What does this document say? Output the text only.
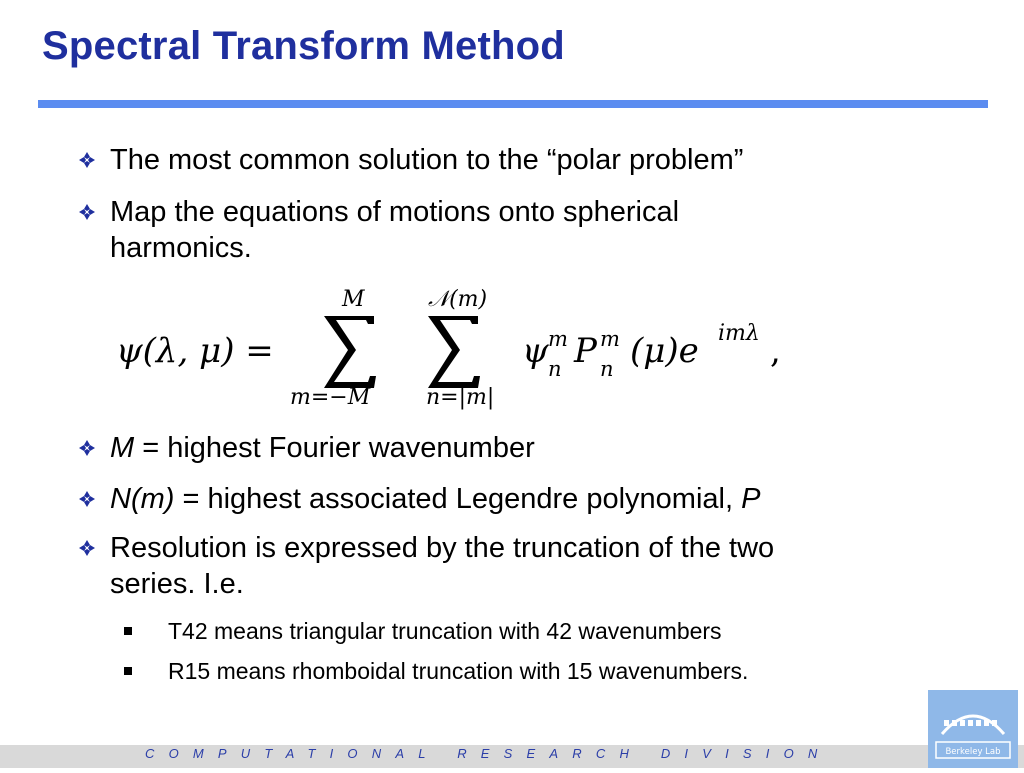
Spectral Transform Method
The most common solution to the “polar problem”
Map the equations of motions onto spherical
harmonics.
ψ(λ, μ) =
M
m=−M
𝒩(m)
n=|m|
ψ m
n P m
n (μ)e imλ ,
M = highest Fourier wavenumber
N(m) = highest associated Legendre polynomial, P
Resolution is expressed by the truncation of the two
series. I.e.
T42 means triangular truncation with 42 wavenumbers
R15 means rhomboidal truncation with 15 wavenumbers.
COMPUTATIONAL RESEARCH DIVISION	Berkeley Lab
